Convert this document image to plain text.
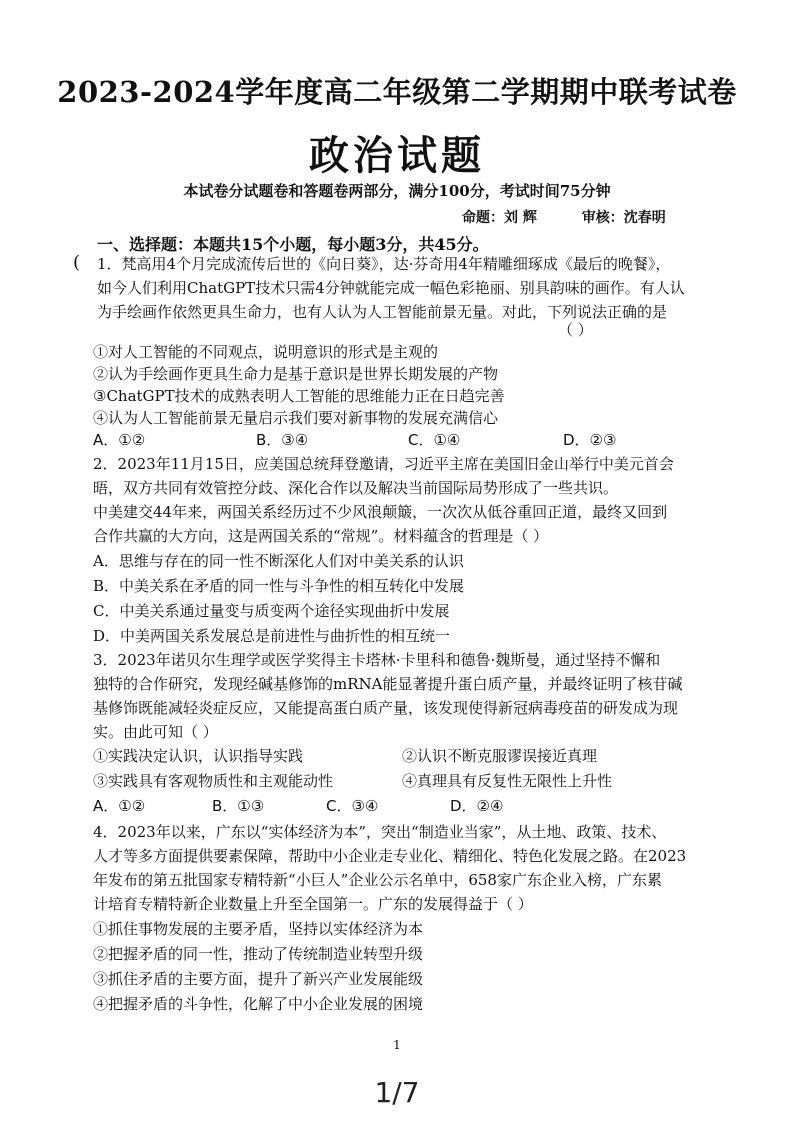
2023-2024学年度高二年级第二学期期中联考试卷
政治试题
本试卷分试题卷和答题卷两部分，满分100分，考试时间75分钟
命题：刘 辉	审核：沈春明
一、选择题：本题共15个小题，每小题3分，共45分。
( 1．梵高用4个月完成流传后世的《向日葵》，达·芬奇用4年精雕细琢成《最后的晚餐》，
如今人们利用ChatGPT技术只需4分钟就能完成一幅色彩艳丽、别具韵味的画作。有人认
为手绘画作依然更具生命力，也有人认为人工智能前景无量。对此，下列说法正确的是
（ ）
①对人工智能的不同观点，说明意识的形式是主观的
②认为手绘画作更具生命力是基于意识是世界长期发展的产物
③ChatGPT技术的成熟表明人工智能的思维能力正在日趋完善
④认为人工智能前景无量启示我们要对新事物的发展充满信心
A．①②	B．③④	C．①④	D．②③
2．2023年11月15日，应美国总统拜登邀请，习近平主席在美国旧金山举行中美元首会
晤，双方共同有效管控分歧、深化合作以及解决当前国际局势形成了一些共识。
中美建交44年来，两国关系经历过不少风浪颠簸，一次次从低谷重回正道，最终又回到
合作共赢的大方向，这是两国关系的“常规”。材料蕴含的哲理是（ ）
A．思维与存在的同一性不断深化人们对中美关系的认识
B．中美关系在矛盾的同一性与斗争性的相互转化中发展
C．中美关系通过量变与质变两个途径实现曲折中发展
D．中美两国关系发展总是前进性与曲折性的相互统一
3．2023年诺贝尔生理学或医学奖得主卡塔林·卡里科和德鲁·魏斯曼，通过坚持不懈和
独特的合作研究，发现经碱基修饰的mRNA能显著提升蛋白质产量，并最终证明了核苷碱
基修饰既能减轻炎症反应，又能提高蛋白质产量，该发现使得新冠病毒疫苗的研发成为现
实。由此可知（ ）
①实践决定认识，认识指导实践	②认识不断克服谬误接近真理
③实践具有客观物质性和主观能动性	④真理具有反复性无限性上升性
A．①②	B．①③	C．③④	D．②④
4．2023年以来，广东以“实体经济为本”，突出“制造业当家”，从土地、政策、技术、
人才等多方面提供要素保障，帮助中小企业走专业化、精细化、特色化发展之路。在2023
年发布的第五批国家专精特新“小巨人”企业公示名单中，658家广东企业入榜，广东累
计培育专精特新企业数量上升至全国第一。广东的发展得益于（ ）
①抓住事物发展的主要矛盾，坚持以实体经济为本
②把握矛盾的同一性，推动了传统制造业转型升级
③抓住矛盾的主要方面，提升了新兴产业发展能级
④把握矛盾的斗争性，化解了中小企业发展的困境
1
1/7
